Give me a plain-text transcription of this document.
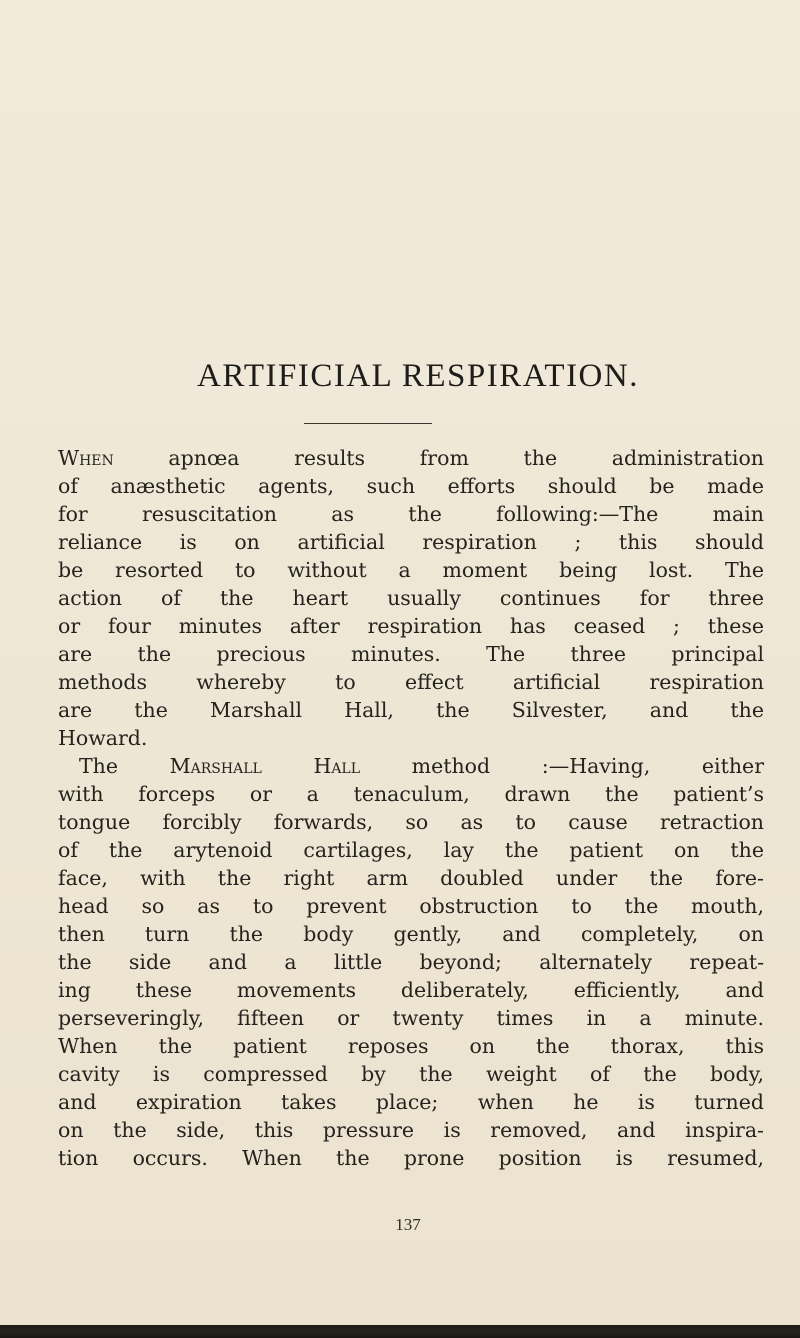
ARTIFICIAL RESPIRATION.
When apnœa results from the administration
of anæsthetic agents, such efforts should be made
for resuscitation as the following:—The main
reliance is on artificial respiration ; this should
be resorted to without a moment being lost. The
action of the heart usually continues for three
or four minutes after respiration has ceased ; these
are the precious minutes. The three principal
methods whereby to effect artificial respiration
are the Marshall Hall, the Silvester, and the
Howard.
The Marshall Hall method :—Having, either
with forceps or a tenaculum, drawn the patient’s
tongue forcibly forwards, so as to cause retraction
of the arytenoid cartilages, lay the patient on the
face, with the right arm doubled under the fore-
head so as to prevent obstruction to the mouth,
then turn the body gently, and completely, on
the side and a little beyond; alternately repeat-
ing these movements deliberately, efficiently, and
perseveringly, fifteen or twenty times in a minute.
When the patient reposes on the thorax, this
cavity is compressed by the weight of the body,
and expiration takes place; when he is turned
on the side, this pressure is removed, and inspira-
tion occurs. When the prone position is resumed,
137
